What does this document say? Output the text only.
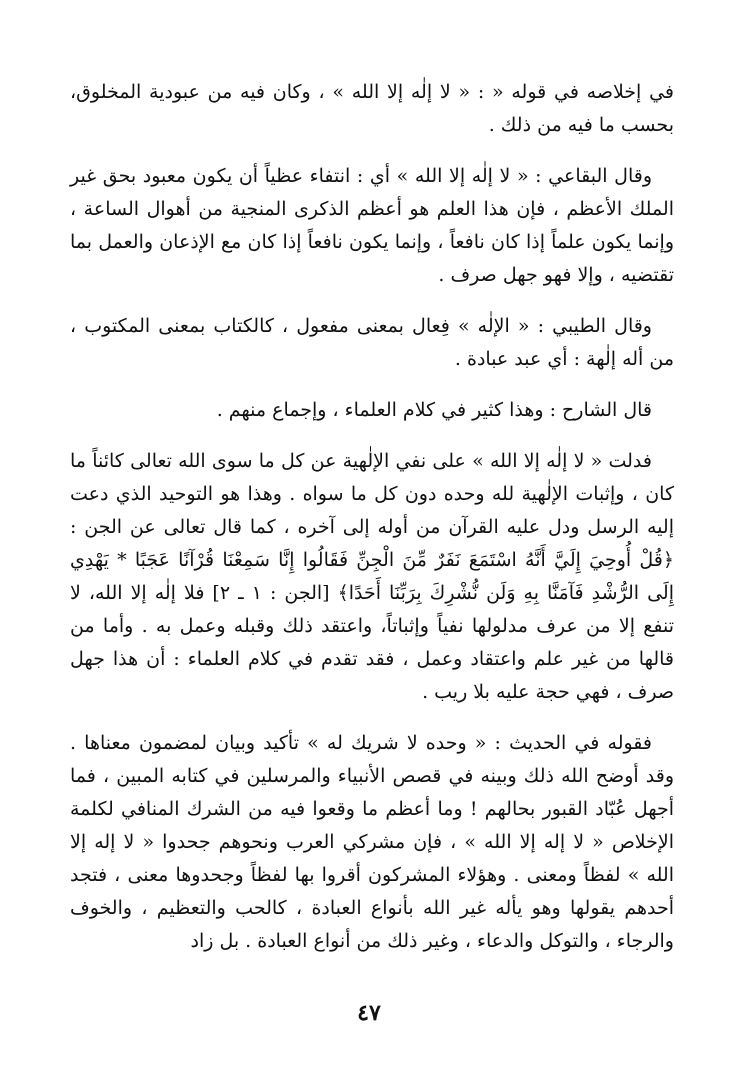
في إخلاصه في قوله « : « لا إلٰه إلا الله » ، وكان فيه من عبودية المخلوق، بحسب ما فيه من ذلك .

وقال البقاعي : « لا إلٰه إلا الله » أي : انتفاء عظياً أن يكون معبود بحق غير الملك الأعظم ، فإن هذا العلم هو أعظم الذكرى المنجية من أهوال الساعة ، وإنما يكون علماً إذا كان نافعاً ، وإنما يكون نافعاً إذا كان مع الإذعان والعمل بما تقتضيه ، وإلا فهو جهل صرف .

وقال الطيبي : « الإلٰه » فِعال بمعنى مفعول ، كالكتاب بمعنى المكتوب ، من أله إلٰهة : أي عبد عبادة .

قال الشارح : وهذا كثير في كلام العلماء ، وإجماع منهم .

فدلت « لا إلٰه إلا الله » على نفي الإلٰهية عن كل ما سوى الله تعالى كائناً ما كان ، وإثبات الإلٰهية لله وحده دون كل ما سواه . وهذا هو التوحيد الذي دعت إليه الرسل ودل عليه القرآن من أوله إلى آخره ، كما قال تعالى عن الجن : ﴿قُلْ أُوحِيَ إِلَيَّ أَنَّهُ اسْتَمَعَ نَفَرٌ مِّنَ الْجِنِّ فَقَالُوا إِنَّا سَمِعْنَا قُرْآنًا عَجَبًا * يَهْدِي إِلَى الرُّشْدِ فَآمَنَّا بِهِ وَلَن نُّشْرِكَ بِرَبِّنَا أَحَدًا﴾ [الجن : ١ ـ ٢] فلا إلٰه إلا الله، لا تنفع إلا من عرف مدلولها نفياً وإثباتاً، واعتقد ذلك وقبله وعمل به . وأما من قالها من غير علم واعتقاد وعمل ، فقد تقدم في كلام العلماء : أن هذا جهل صرف ، فهي حجة عليه بلا ريب .

فقوله في الحديث : « وحده لا شريك له » تأكيد وبيان لمضمون معناها . وقد أوضح الله ذلك وبينه في قصص الأنبياء والمرسلين في كتابه المبين ، فما أجهل عُبّاد القبور بحالهم ! وما أعظم ما وقعوا فيه من الشرك المنافي لكلمة الإخلاص « لا إله إلا الله » ، فإن مشركي العرب ونحوهم جحدوا « لا إله إلا الله » لفظاً ومعنى . وهؤلاء المشركون أقروا بها لفظاً وجحدوها معنى ، فتجد أحدهم يقولها وهو يأله غير الله بأنواع العبادة ، كالحب والتعظيم ، والخوف والرجاء ، والتوكل والدعاء ، وغير ذلك من أنواع العبادة . بل زاد

٤٧
